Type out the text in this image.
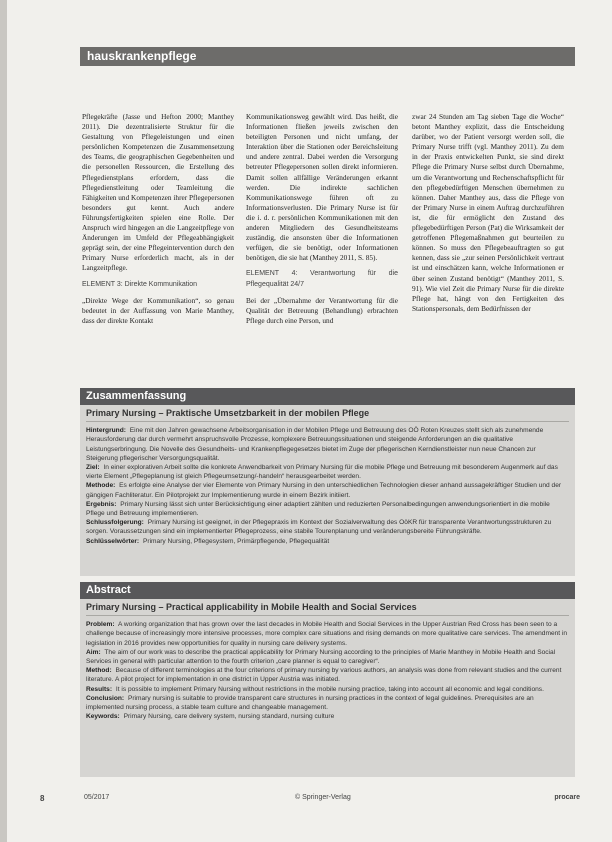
hauskrankenpflege

Pflegekräfte (Jasse und Hefton 2000; Manthey 2011). Die dezentralisierte Struktur für die Gestaltung von Pflegeleistungen und einen persönlichen Kompetenzen die Zusammensetzung des Teams, die geographischen Gegebenheiten und die personellen Ressourcen, die Erstellung des Pflegedienstplans erfordern, dass die Pflegedienstleitung oder Teamleitung die Fähigkeiten und Kompetenzen ihrer Pflegepersonen besonders gut kennt. Auch andere Führungsfertigkeiten spielen eine Rolle. Der Anspruch wird hingegen an die Langzeitpflege von Änderungen im Umfeld der Pflegeabhängigkeit geprägt sein, der eine Pflegeintervention durch den Primary Nurse erforderlich macht, als in der Langzeitpflege.

ELEMENT 3: Direkte Kommunikation

„Direkte Wege der Kommunikation“, so genau bedeutet in der Auffassung von Marie Manthey, dass der direkte Kontakt

Kommunikationsweg gewählt wird. Das heißt, die Informationen fließen jeweils zwischen den beteiligten Personen und nicht umfang, der Interaktion über die Stationen oder Bereichsleitung und andere zentral. Dabei werden die Versorgung betreuter Pflegepersonen sollen direkt informieren. Damit sollen allfällige Veränderungen erkannt werden. Die indirekte sachlichen Kommunikationswege führen oft zu Informationsverlusten. Die Primary Nurse ist für die i. d. r. persönlichen Kommunikationen mit den anderen Mitgliedern des Gesundheitsteams zuständig, die ansonsten über die Informationen verfügen, die sie benötigt, oder Informationen benötigen, die sie hat (Manthey 2011, S. 85).

ELEMENT 4: Verantwortung für die Pflegequalität 24/7

Bei der „Übernahme der Verantwortung für die Qualität der Betreuung (Behandlung) erbrachten Pflege durch eine Person, und

zwar 24 Stunden am Tag sieben Tage die Woche“ betont Manthey explizit, dass die Entscheidung darüber, wo der Patient versorgt werden soll, die Primary Nurse trifft (vgl. Manthey 2011). Zu dem in der Praxis entwickelten Punkt, sie sind direkt Pflege die Primary Nurse selbst durch Übernahme, um die Verantwortung und Rechenschaftspflicht für den pflegebedürftigen Menschen übernehmen zu können. Daher Manthey aus, dass die Pflege von der Primary Nurse in einem Auftrag durchzuführen ist, die für ermöglicht den Zustand des pflegebedürftigen Person (Pat) die Wirksamkeit der getroffenen Pflegemaßnahmen gut beurteilen zu können. So muss den Pflegebeauftragten so gut kennen, dass sie „zur seinen Persönlichkeit vertraut ist und einschätzen kann, welche Informationen er über seinen Zustand benötigt“ (Manthey 2011, S. 91). Wie viel Zeit die Primary Nurse für die direkte Pflege hat, hängt von den Fertigkeiten des Stationspersonals, dem Bedürfnissen der

Zusammenfassung
Primary Nursing – Praktische Umsetzbarkeit in der mobilen Pflege

Hintergrund: Eine mit den Jahren gewachsene Arbeitsorganisation in der Mobilen Pflege und Betreuung des OÖ Roten Kreuzes stellt sich als zunehmende Herausforderung dar durch vermehrt anspruchsvolle Prozesse, komplexere Betreuungssituationen und steigende Anforderungen an die qualitative Leistungserbringung. Die Novelle des Gesundheits- und Krankenpflegegesetzes bietet im Zuge der pflegerischen Kerndienstleister nun neue Chancen zur Steigerung pflegerischer Versorgungsqualität.

Ziel: In einer explorativen Arbeit sollte die konkrete Anwendbarkeit von Primary Nursing für die mobile Pflege und Betreuung mit besonderem Augenmerk auf das vierte Element „Pflegeplanung ist gleich Pflegeumsetzung/-handeln“ herausgearbeitet werden.

Methode: Es erfolgte eine Analyse der vier Elemente von Primary Nursing in den unterschiedlichen Technologien dieser anhand aussagekräftiger Studien und der gängigen Fachliteratur. Ein Pilotprojekt zur Implementierung wurde in einem Bezirk initiiert.

Ergebnis: Primary Nursing lässt sich unter Berücksichtigung einer adaptiert zählten und reduzierten Personalbedingungen anwendungsorientiert in die mobile Pflege und Betreuung implementieren.

Schlussfolgerung: Primary Nursing ist geeignet, in der Pflegepraxis im Kontext der Sozialverwaltung des OöKR für transparente Verantwortungsstrukturen zu sorgen. Voraussetzungen sind ein implementierter Pflegeprozess, eine stabile Tourenplanung und veränderungsbereite Führungskräfte.

Schlüsselwörter: Primary Nursing, Pflegesystem, Primärpflegende, Pflegequalität

Abstract
Primary Nursing – Practical applicability in Mobile Health and Social Services

Problem: A working organization that has grown over the last decades in Mobile Health and Social Services in the Upper Austrian Red Cross has been seen to a challenge because of increasingly more intensive processes, more complex care situations and rising demands on more qualitative care services. The amendment in legislation in 2016 provides new opportunities for quality in nursing care delivery systems.

Aim: The aim of our work was to describe the practical applicability for Primary Nursing according to the principles of Marie Manthey in Mobile Health and Social Services in general with particular attention to the fourth criterion „care planner is equal to caregiver“.

Method: Because of different terminologies at the four criterions of primary nursing by various authors, an analysis was done from relevant studies and the current literature. A pilot project for implementation in one district in Upper Austria was initiated.

Results: It is possible to implement Primary Nursing without restrictions in the mobile nursing practice, taking into account all economic and legal conditions.

Conclusion: Primary nursing is suitable to provide transparent care structures in nursing practices in the context of legal guidelines. Prerequisites are an implemented nursing process, a stable team culture and changeable management.

Keywords: Primary Nursing, care delivery system, nursing standard, nursing culture

8	05/2017	© Springer-Verlag	procare
